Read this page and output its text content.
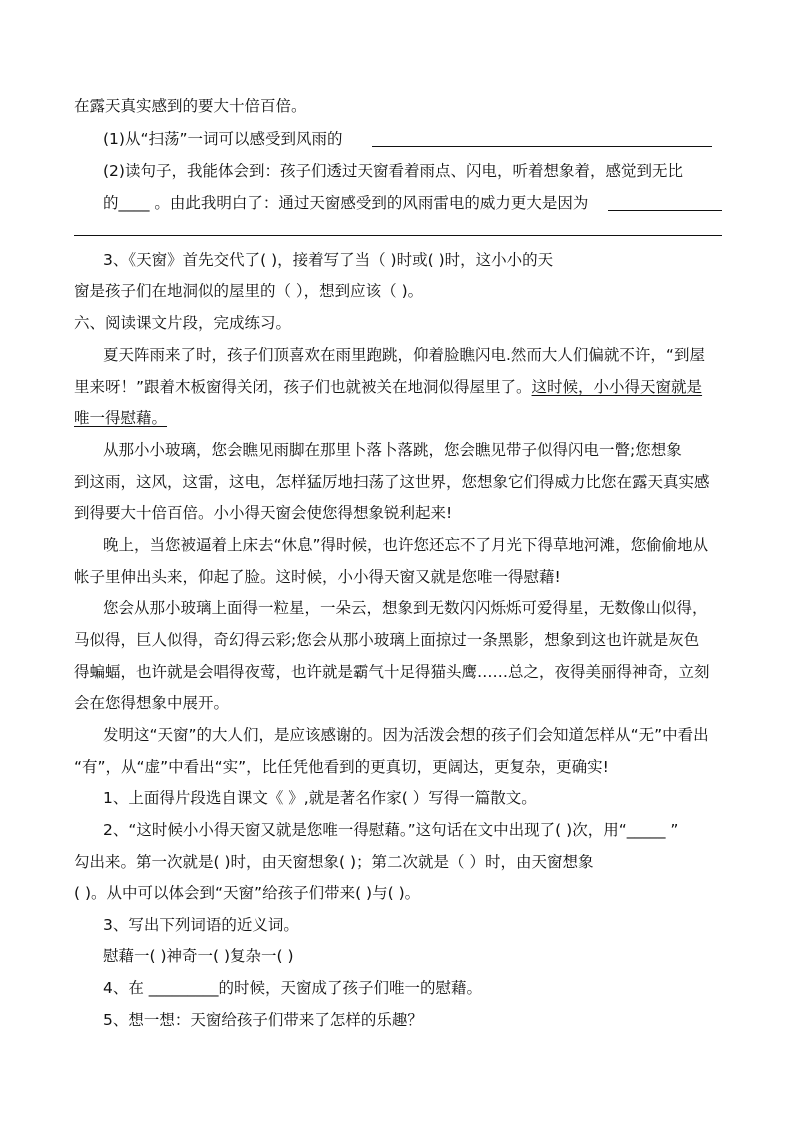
在露天真实感到的要大十倍百倍。
(1)从“扫荡”一词可以感受到风雨的
(2)读句子，我能体会到：孩子们透过天窗看着雨点、闪电，听着想象着，感觉到无比
的____ 。由此我明白了：通过天窗感受到的风雨雷电的威力更大是因为
3、《天窗》首先交代了( )，接着写了当（ )时或( )时，这小小的天
窗是孩子们在地洞似的屋里的（ ），想到应该（ )。
六、阅读课文片段，完成练习。
夏天阵雨来了时，孩子们顶喜欢在雨里跑跳，仰着脸瞧闪电.然而大人们偏就不许，“到屋
里来呀！”跟着木板窗得关闭，孩子们也就被关在地洞似得屋里了。这时候，小小得天窗就是
唯一得慰藉。
从那小小玻璃，您会瞧见雨脚在那里卜落卜落跳，您会瞧见带子似得闪电一瞥;您想象
到这雨，这风，这雷，这电，怎样猛厉地扫荡了这世界，您想象它们得威力比您在露天真实感
到得要大十倍百倍。小小得天窗会使您得想象锐利起来!
晚上，当您被逼着上床去“休息”得时候，也许您还忘不了月光下得草地河滩，您偷偷地从
帐子里伸出头来，仰起了脸。这时候，小小得天窗又就是您唯一得慰藉!
您会从那小玻璃上面得一粒星，一朵云，想象到无数闪闪烁烁可爱得星，无数像山似得，
马似得，巨人似得，奇幻得云彩;您会从那小玻璃上面掠过一条黑影，想象到这也许就是灰色
得蝙蝠，也许就是会唱得夜莺，也许就是霸气十足得猫头鹰……总之，夜得美丽得神奇，立刻
会在您得想象中展开。
发明这“天窗”的大人们，是应该感谢的。因为活泼会想的孩子们会知道怎样从“无”中看出
“有”，从“虚”中看出“实”，比任凭他看到的更真切，更阔达，更复杂，更确实!
1、上面得片段选自课文《 》,就是著名作家( ）写得一篇散文。
2、“这时候小小得天窗又就是您唯一得慰藉。”这句话在文中出现了( )次，用“_____ ”
勾出来。第一次就是( )时，由天窗想象( )；第二次就是（ ）时，由天窗想象
( )。从中可以体会到“天窗”给孩子们带来( )与( )。
3、写出下列词语的近义词。
慰藉一( )神奇一( )复杂一( )
4、在 _________的时候，天窗成了孩子们唯一的慰藉。
5、想一想：天窗给孩子们带来了怎样的乐趣？
